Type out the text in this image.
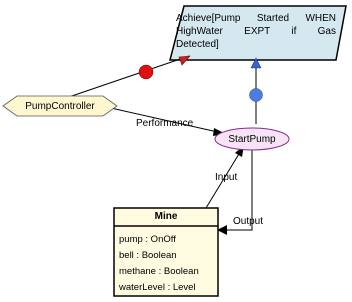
Achieve[Pump Started WHEN
HighWater EXPT if Gas
Detected]
PumpController
StartPump
Performance
Input
Output
Mine
pump : OnOff
bell : Boolean
methane : Boolean
waterLevel : Level
